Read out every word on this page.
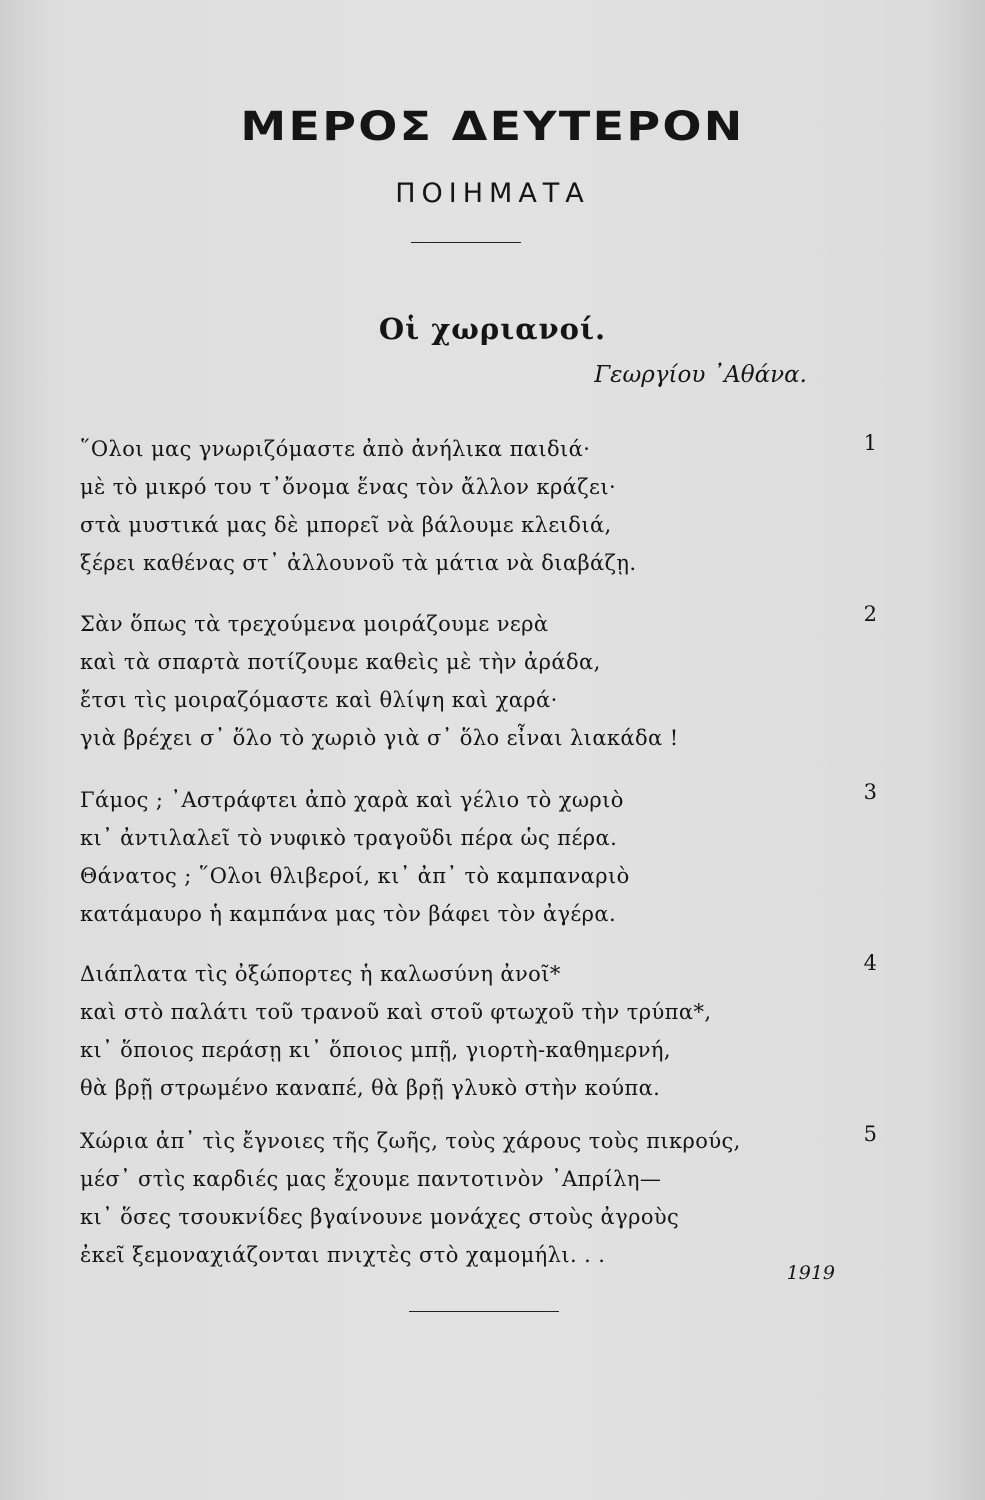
ΜΕΡΟΣ ΔΕΥΤΕΡΟΝ
ΠΟΙΗΜΑΤΑ
Οἱ χωριανοί.
Γεωργίου ᾿Αθάνα.
1
῞Ολοι μας γνωριζόμαστε ἀπὸ ἀνήλικα παιδιά·
μὲ τὸ μικρό του τ᾿ὄνομα ἕνας τὸν ἄλλον κράζει·
στὰ μυστικά μας δὲ μπορεῖ νὰ βάλουμε κλειδιά,
ξέρει καθένας στ᾿ ἀλλουνοῦ τὰ μάτια νὰ διαβάζῃ.
2
Σὰν ὅπως τὰ τρεχούμενα μοιράζουμε νερὰ
καὶ τὰ σπαρτὰ ποτίζουμε καθεὶς μὲ τὴν ἀράδα,
ἔτσι τὶς μοιραζόμαστε καὶ θλίψη καὶ χαρά·
γιὰ βρέχει σ᾿ ὅλο τὸ χωριὸ γιὰ σ᾿ ὅλο εἶναι λιακάδα !
3
Γάμος ; ᾿Αστράφτει ἀπὸ χαρὰ καὶ γέλιο τὸ χωριὸ
κι᾿ ἀντιλαλεῖ τὸ νυφικὸ τραγοῦδι πέρα ὡς πέρα.
Θάνατος ; ῞Ολοι θλιβεροί, κι᾿ ἀπ᾿ τὸ καμπαναριὸ
κατάμαυρο ἡ καμπάνα μας τὸν βάφει τὸν ἀγέρα.
4
Διάπλατα τὶς ὀξώπορτες ἡ καλωσύνη ἀνοῖ*
καὶ στὸ παλάτι τοῦ τρανοῦ καὶ στοῦ φτωχοῦ τὴν τρύπα*,
κι᾿ ὅποιος περάσῃ κι᾿ ὅποιος μπῇ, γιορτὴ-καθημερνή,
θὰ βρῇ στρωμένο καναπέ, θὰ βρῇ γλυκὸ στὴν κούπα.
5
Χώρια ἀπ᾿ τὶς ἔγνοιες τῆς ζωῆς, τοὺς χάρους τοὺς πικρούς,
μέσ᾿ στὶς καρδιές μας ἔχουμε παντοτινὸν ᾿Απρίλη—
κι᾿ ὅσες τσουκνίδες βγαίνουνε μονάχες στοὺς ἀγροὺς
ἐκεῖ ξεμοναχιάζονται πνιχτὲς στὸ χαμομήλι. . .
1919
